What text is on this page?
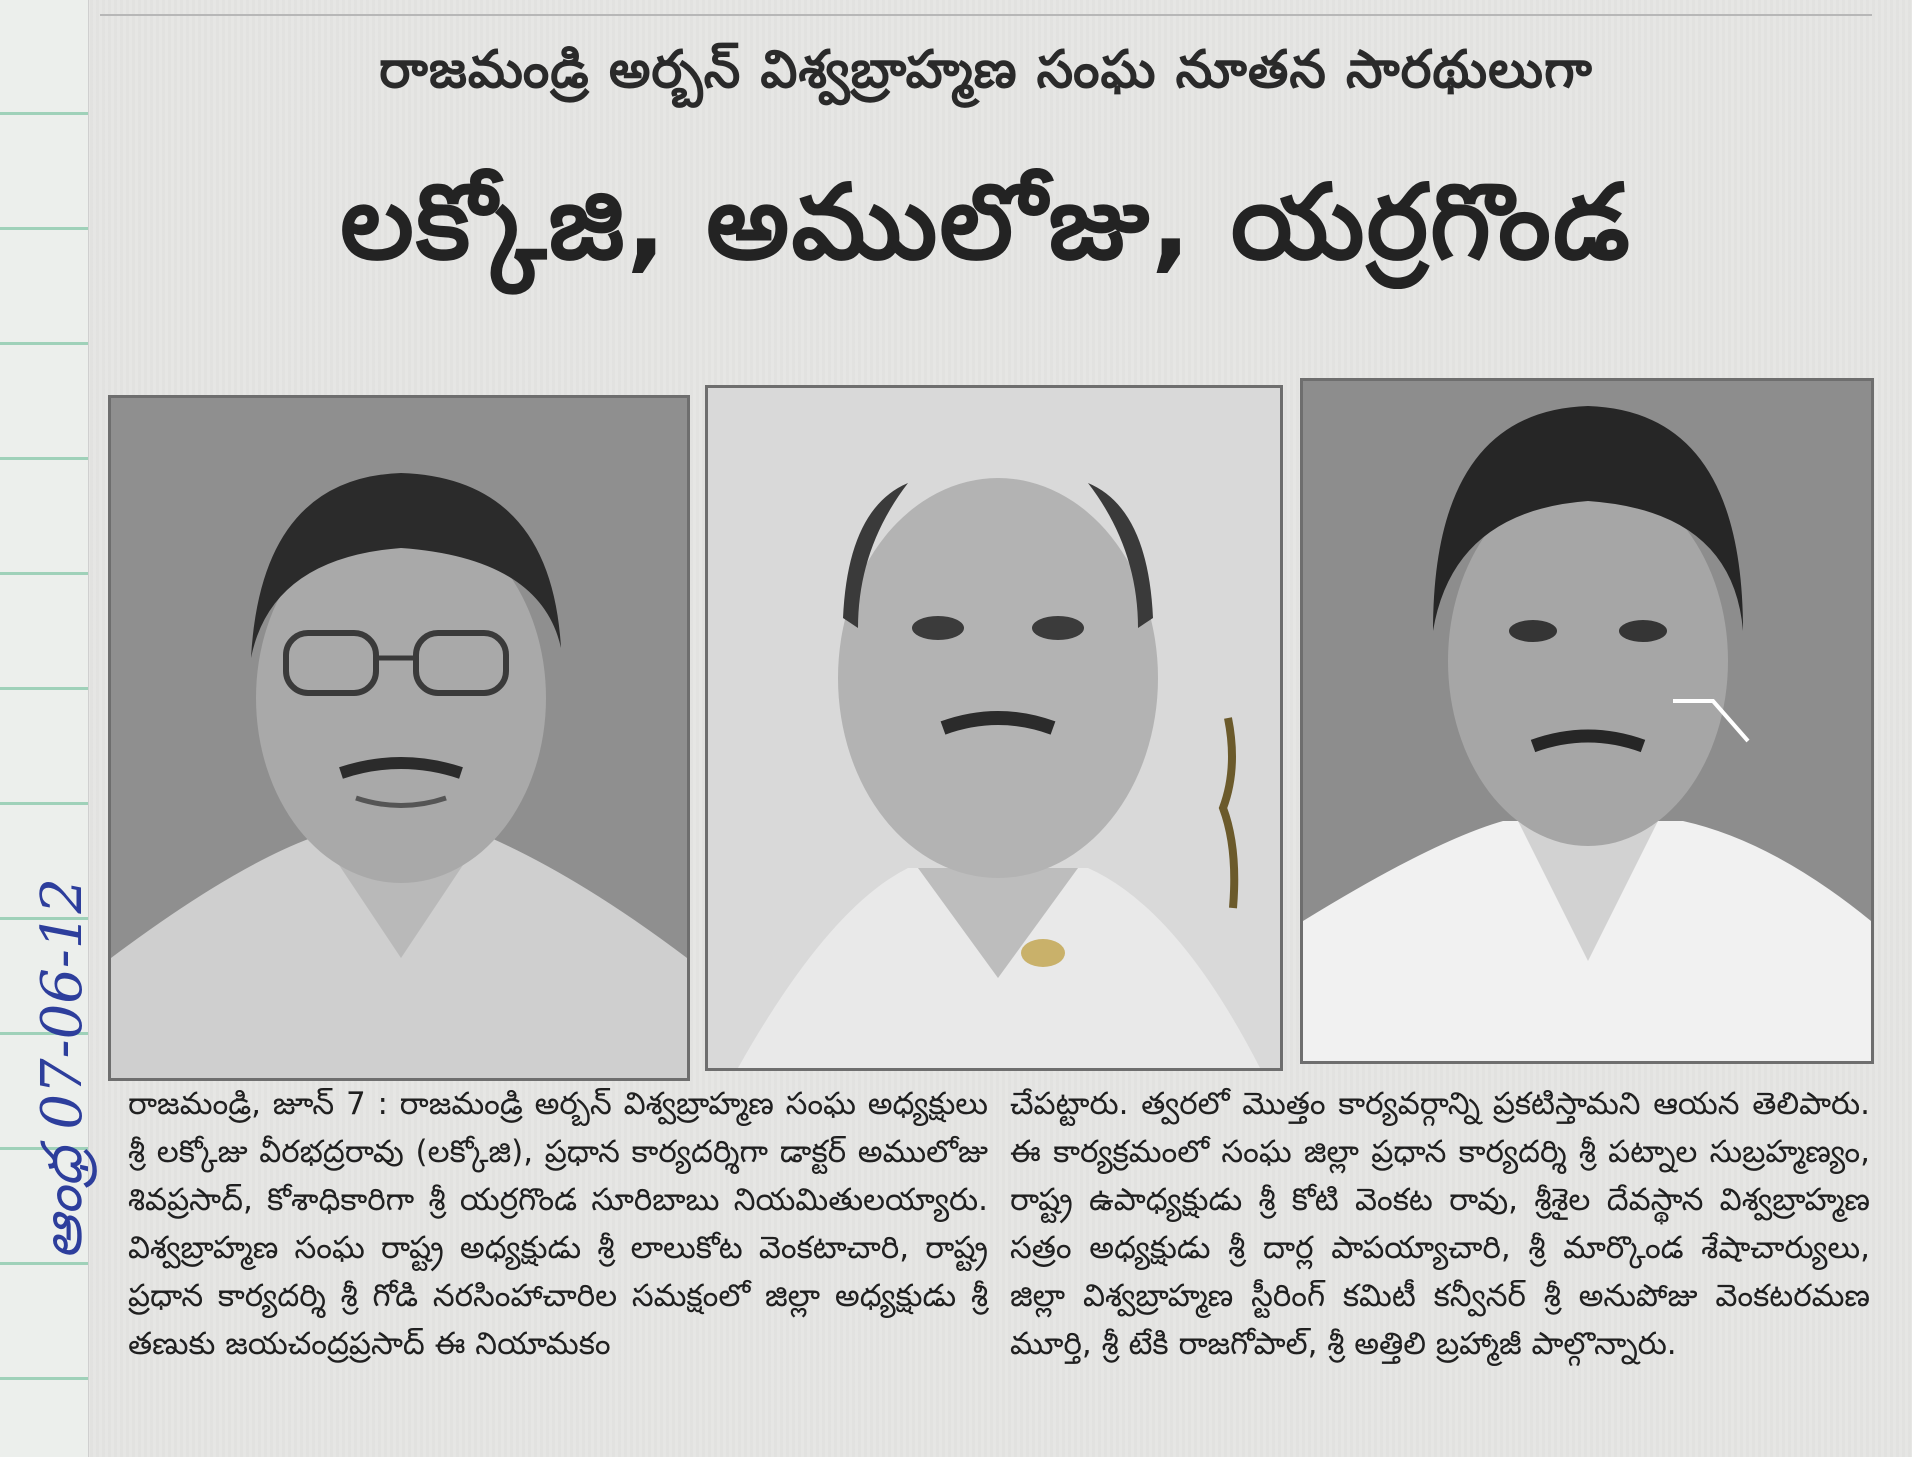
రాజమండ్రి అర్బన్ విశ్వబ్రాహ్మణ సంఘ నూతన సారథులుగా
లక్కోజి, అములోజు, యర్రగొండ
ఆంధ్ర 07-06-12	రాజమండ్రి, జూన్ 7 : రాజమండ్రి అర్బన్ విశ్వబ్రాహ్మణ సంఘ అధ్యక్షులు శ్రీ లక్కోజు వీరభద్రరావు (లక్కోజి), ప్రధాన కార్యదర్శిగా డాక్టర్ అములోజు శివప్రసాద్, కోశాధికారిగా శ్రీ యర్రగొండ సూరిబాబు నియమితులయ్యారు. విశ్వబ్రాహ్మణ సంఘ రాష్ట్ర అధ్యక్షుడు శ్రీ లాలుకోట వెంకటాచారి, రాష్ట్ర ప్రధాన కార్యదర్శి శ్రీ గోడి నరసింహాచారిల సమక్షంలో జిల్లా అధ్యక్షుడు శ్రీ తణుకు జయచంద్రప్రసాద్ ఈ నియామకం

చేపట్టారు. త్వరలో మొత్తం కార్యవర్గాన్ని ప్రకటిస్తామని ఆయన తెలిపారు. ఈ కార్యక్రమంలో సంఘ జిల్లా ప్రధాన కార్యదర్శి శ్రీ పట్నాల సుబ్రహ్మణ్యం, రాష్ట్ర ఉపాధ్యక్షుడు శ్రీ కోటి వెంకట రావు, శ్రీశైల దేవస్థాన విశ్వబ్రాహ్మణ సత్రం అధ్యక్షుడు శ్రీ దార్ల పాపయ్యాచారి, శ్రీ మార్కొండ శేషాచార్యులు, జిల్లా విశ్వబ్రాహ్మణ స్టీరింగ్ కమిటీ కన్వీనర్ శ్రీ అనుపోజు వెంకటరమణ మూర్తి, శ్రీ టేకి రాజగోపాల్, శ్రీ అత్తిలి బ్రహ్మాజీ పాల్గొన్నారు.
